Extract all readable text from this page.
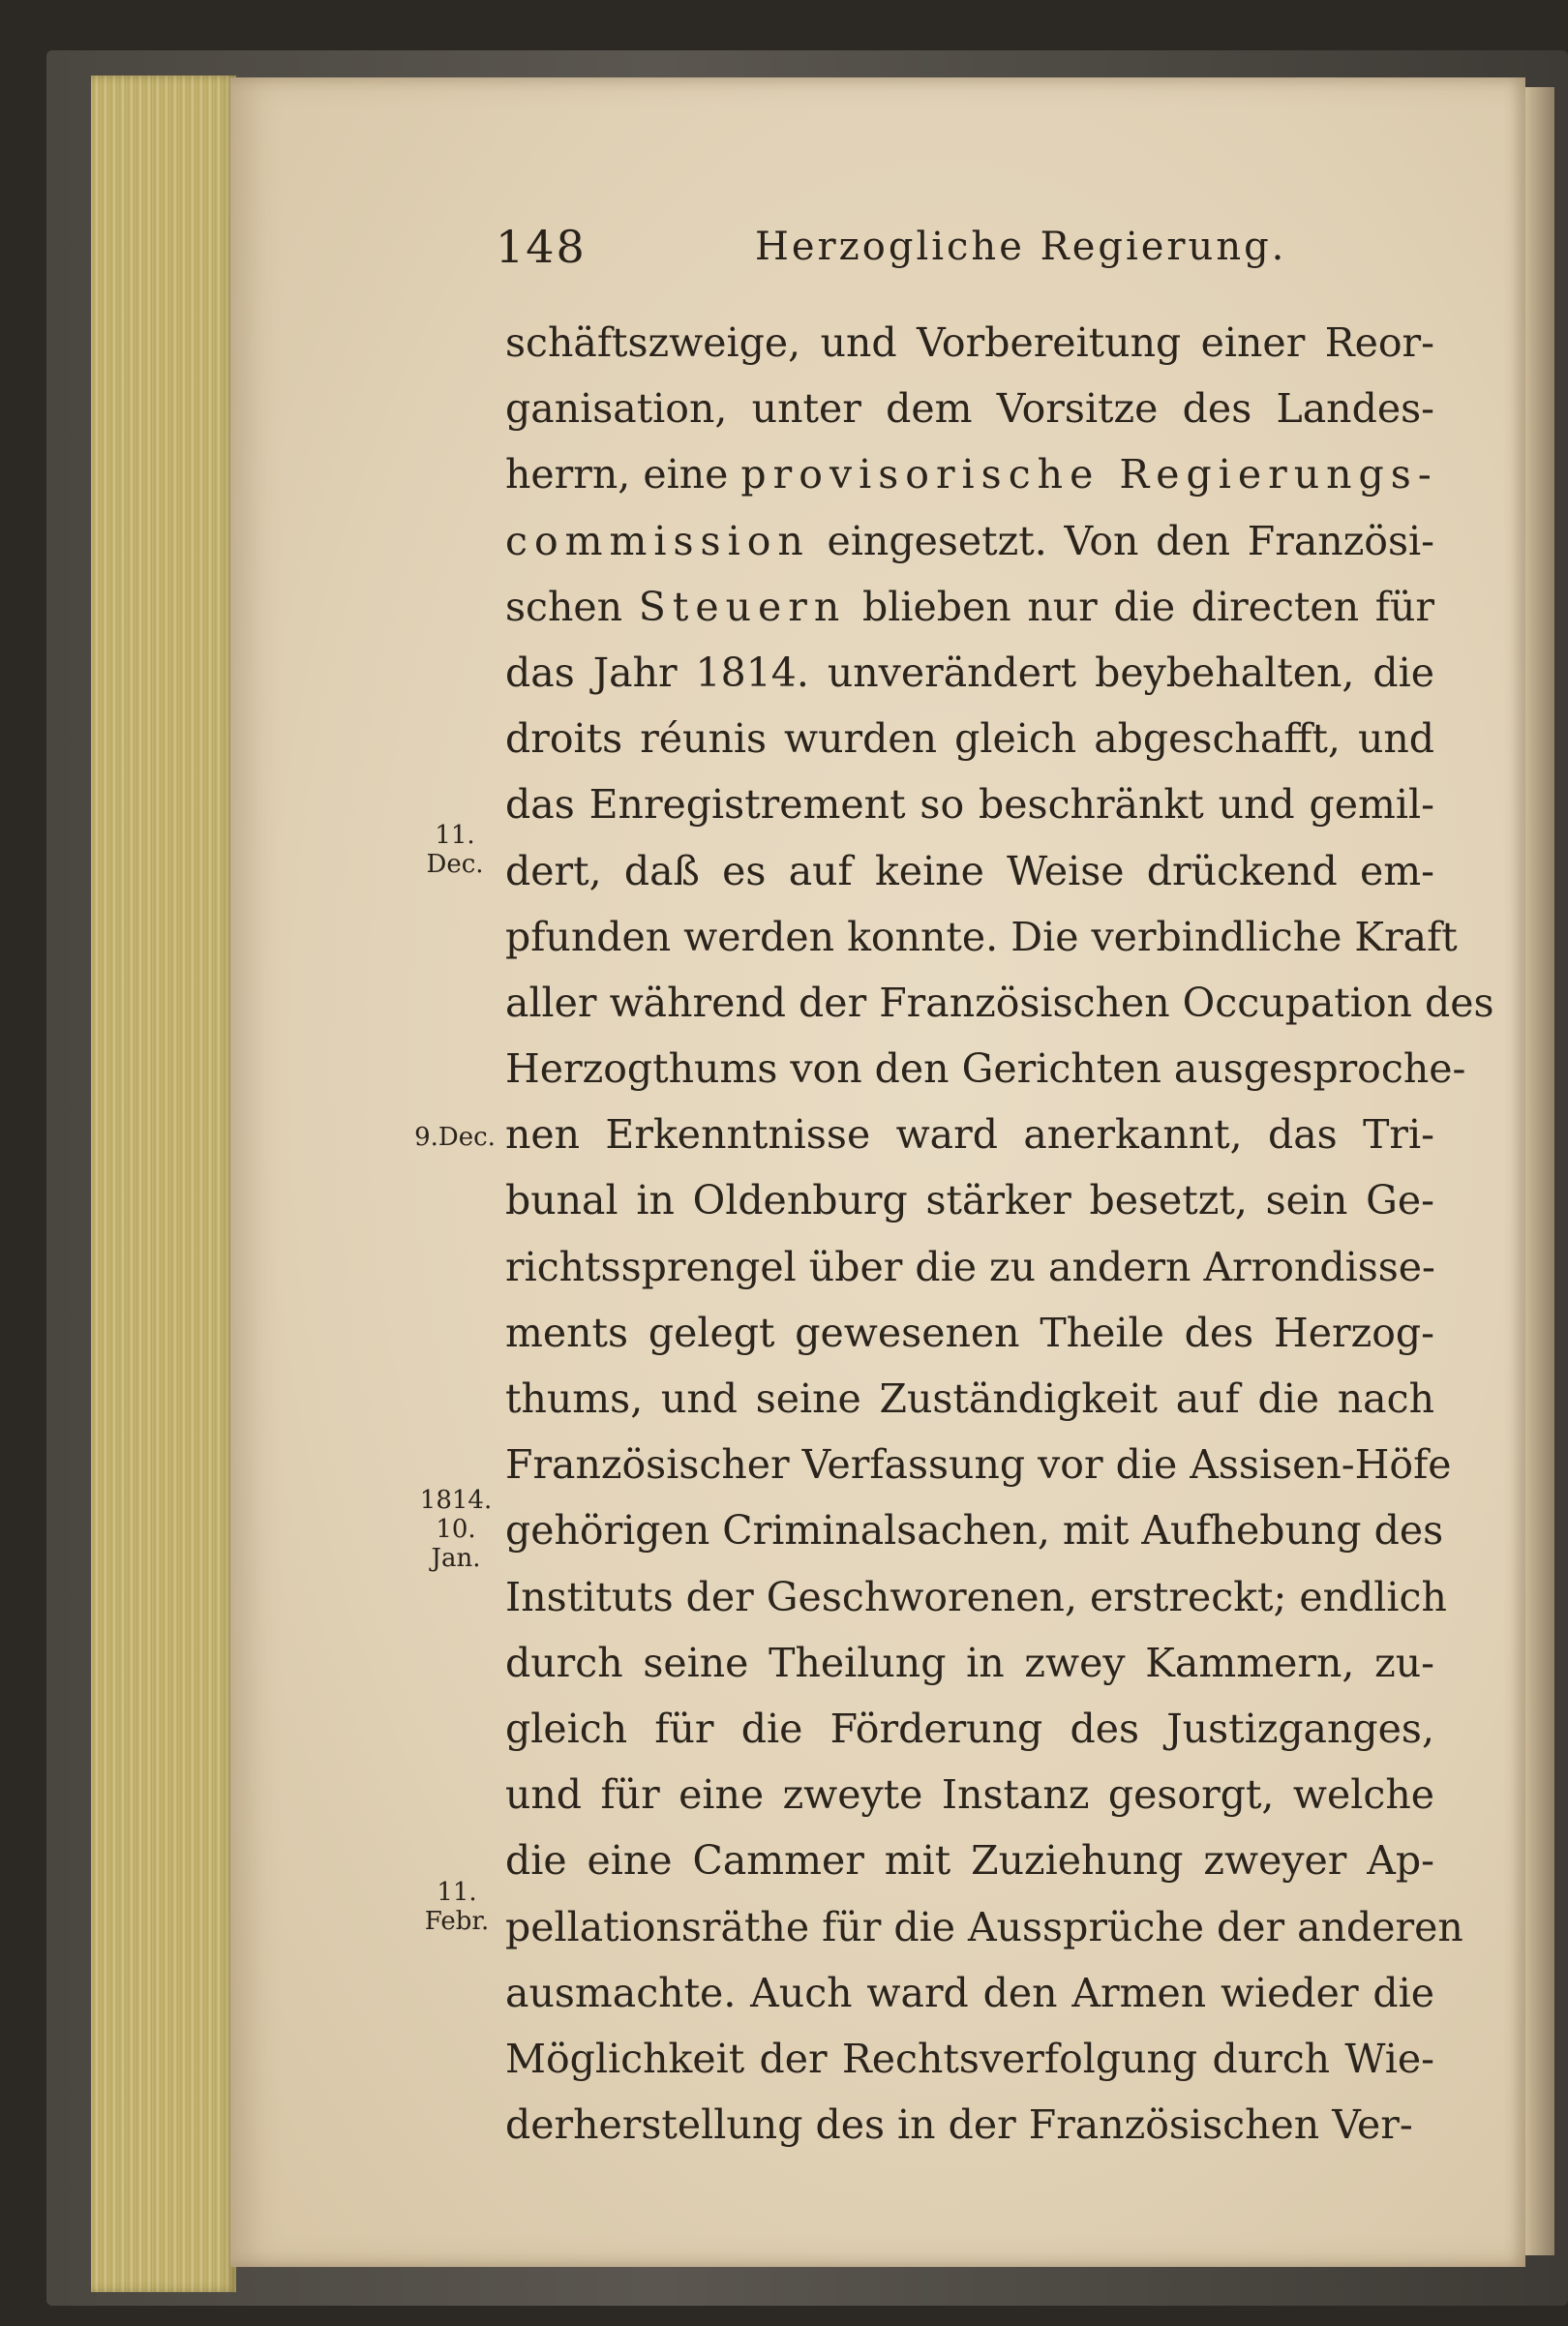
148	Herzogliche Regierung.
schäftszweige, und Vorbereitung einer Reor-
ganisation, unter dem Vorsitze des Landes-
herrn, eine provisorische Regierungs-
commission eingesetzt. Von den Französi-
schen Steuern blieben nur die directen für
das Jahr 1814. unverändert beybehalten, die
droits réunis wurden gleich abgeschafft, und
das Enregistrement so beschränkt und gemil-
dert, daß es auf keine Weise drückend em-
pfunden werden konnte. Die verbindliche Kraft
aller während der Französischen Occupation des
Herzogthums von den Gerichten ausgesproche-
nen Erkenntnisse ward anerkannt, das Tri-
bunal in Oldenburg stärker besetzt, sein Ge-
richtssprengel über die zu andern Arrondisse-
ments gelegt gewesenen Theile des Herzog-
thums, und seine Zuständigkeit auf die nach
Französischer Verfassung vor die Assisen-Höfe
gehörigen Criminalsachen, mit Aufhebung des
Instituts der Geschworenen, erstreckt; endlich
durch seine Theilung in zwey Kammern, zu-
gleich für die Förderung des Justizganges,
und für eine zweyte Instanz gesorgt, welche
die eine Cammer mit Zuziehung zweyer Ap-
pellationsräthe für die Aussprüche der anderen
ausmachte. Auch ward den Armen wieder die
Möglichkeit der Rechtsverfolgung durch Wie-
derherstellung des in der Französischen Ver-
11.
Dec.
9.Dec.
1814.
10.
Jan.
11.
Febr.
